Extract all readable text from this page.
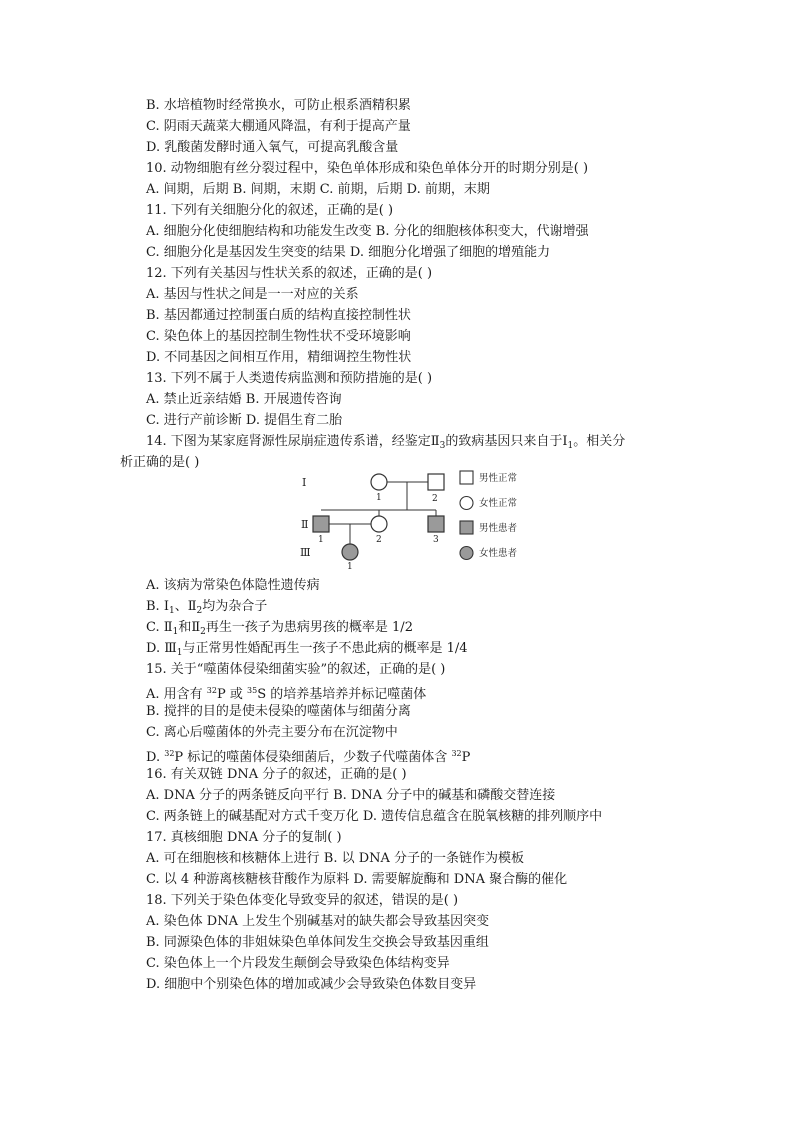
B. 水培植物时经常换水，可防止根系酒精积累
C. 阴雨天蔬菜大棚通风降温，有利于提高产量
D. 乳酸菌发酵时通入氧气，可提高乳酸含量
10. 动物细胞有丝分裂过程中，染色单体形成和染色单体分开的时期分别是( )
A. 间期，后期 B. 间期，末期 C. 前期，后期 D. 前期，末期
11. 下列有关细胞分化的叙述，正确的是( )
A. 细胞分化使细胞结构和功能发生改变 B. 分化的细胞核体积变大，代谢增强
C. 细胞分化是基因发生突变的结果 D. 细胞分化增强了细胞的增殖能力
12. 下列有关基因与性状关系的叙述，正确的是( )
A. 基因与性状之间是一一对应的关系
B. 基因都通过控制蛋白质的结构直接控制性状
C. 染色体上的基因控制生物性状不受环境影响
D. 不同基因之间相互作用，精细调控生物性状
13. 下列不属于人类遗传病监测和预防措施的是( )
A. 禁止近亲结婚 B. 开展遗传咨询
C. 进行产前诊断 D. 提倡生育二胎
14. 下图为某家庭肾源性尿崩症遗传系谱，经鉴定$Ⅱ_3$的致病基因只来自于$Ⅰ_1$。相关分
析正确的是( )
Ⅰ
Ⅱ
Ⅲ
1	2
1	2	3
1
男性正常
女性正常
男性患者
女性患者
A. 该病为常染色体隐性遗传病
B. $Ⅰ_1$、$Ⅱ_2$均为杂合子
C. $Ⅱ_1$和$Ⅱ_2$再生一孩子为患病男孩的概率是 1/2
D. $Ⅲ_1$与正常男性婚配再生一孩子不患此病的概率是 1/4
15. 关于“噬菌体侵染细菌实验”的叙述，正确的是( )
A. 用含有 $^{32}$P 或 $^{35}$S 的培养基培养并标记噬菌体
B. 搅拌的目的是使未侵染的噬菌体与细菌分离
C. 离心后噬菌体的外壳主要分布在沉淀物中
D. $^{32}$P 标记的噬菌体侵染细菌后，少数子代噬菌体含 $^{32}$P
16. 有关双链 DNA 分子的叙述，正确的是( )
A. DNA 分子的两条链反向平行 B. DNA 分子中的碱基和磷酸交替连接
C. 两条链上的碱基配对方式千变万化 D. 遗传信息蕴含在脱氧核糖的排列顺序中
17. 真核细胞 DNA 分子的复制( )
A. 可在细胞核和核糖体上进行 B. 以 DNA 分子的一条链作为模板
C. 以 4 种游离核糖核苷酸作为原料 D. 需要解旋酶和 DNA 聚合酶的催化
18. 下列关于染色体变化导致变异的叙述，错误的是( )
A. 染色体 DNA 上发生个别碱基对的缺失都会导致基因突变
B. 同源染色体的非姐妹染色单体间发生交换会导致基因重组
C. 染色体上一个片段发生颠倒会导致染色体结构变异
D. 细胞中个别染色体的增加或减少会导致染色体数目变异
